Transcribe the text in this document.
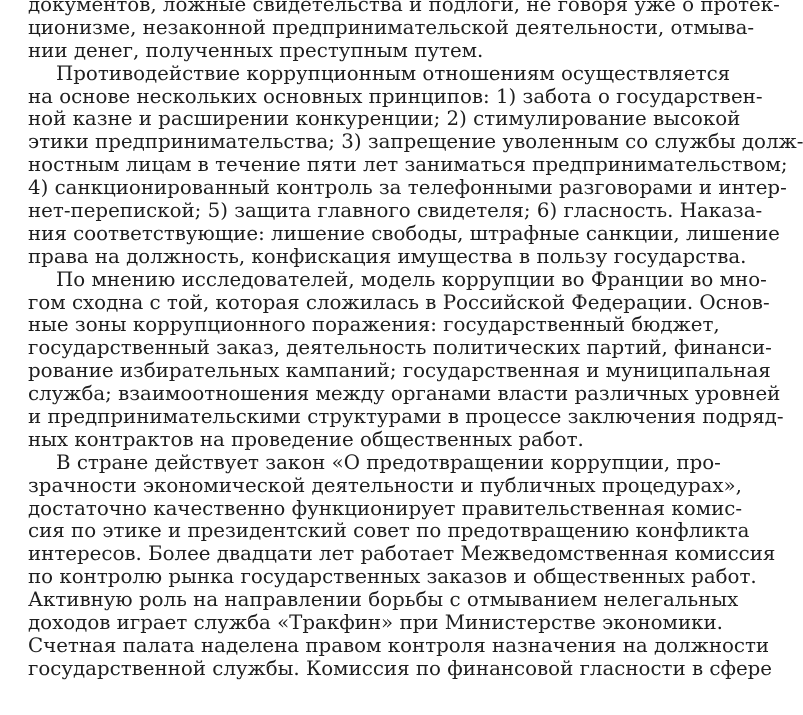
документов, ложные свидетельства и подлоги, не говоря уже о протек-
ционизме, незаконной предпринимательской деятельности, отмыва-
нии денег, полученных преступным путем.
Противодействие коррупционным отношениям осуществляется
на основе нескольких основных принципов: 1) забота о государствен-
ной казне и расширении конкуренции; 2) стимулирование высокой
этики предпринимательства; 3) запрещение уволенным со службы долж-
ностным лицам в течение пяти лет заниматься предпринимательством;
4) санкционированный контроль за телефонными разговорами и интер-
нет-перепиской; 5) защита главного свидетеля; 6) гласность. Наказа-
ния соответствующие: лишение свободы, штрафные санкции, лишение
права на должность, конфискация имущества в пользу государства.
По мнению исследователей, модель коррупции во Франции во мно-
гом сходна с той, которая сложилась в Российской Федерации. Основ-
ные зоны коррупционного поражения: государственный бюджет,
государственный заказ, деятельность политических партий, финанси-
рование избирательных кампаний; государственная и муниципальная
служба; взаимоотношения между органами власти различных уровней
и предпринимательскими структурами в процессе заключения подряд-
ных контрактов на проведение общественных работ.
В стране действует закон «О предотвращении коррупции, про-
зрачности экономической деятельности и публичных процедурах»,
достаточно качественно функционирует правительственная комис-
сия по этике и президентский совет по предотвращению конфликта
интересов. Более двадцати лет работает Межведомственная комиссия
по контролю рынка государственных заказов и общественных работ.
Активную роль на направлении борьбы с отмыванием нелегальных
доходов играет служба «Тракфин» при Министерстве экономики.
Счетная палата наделена правом контроля назначения на должности
государственной службы. Комиссия по финансовой гласности в сфере
